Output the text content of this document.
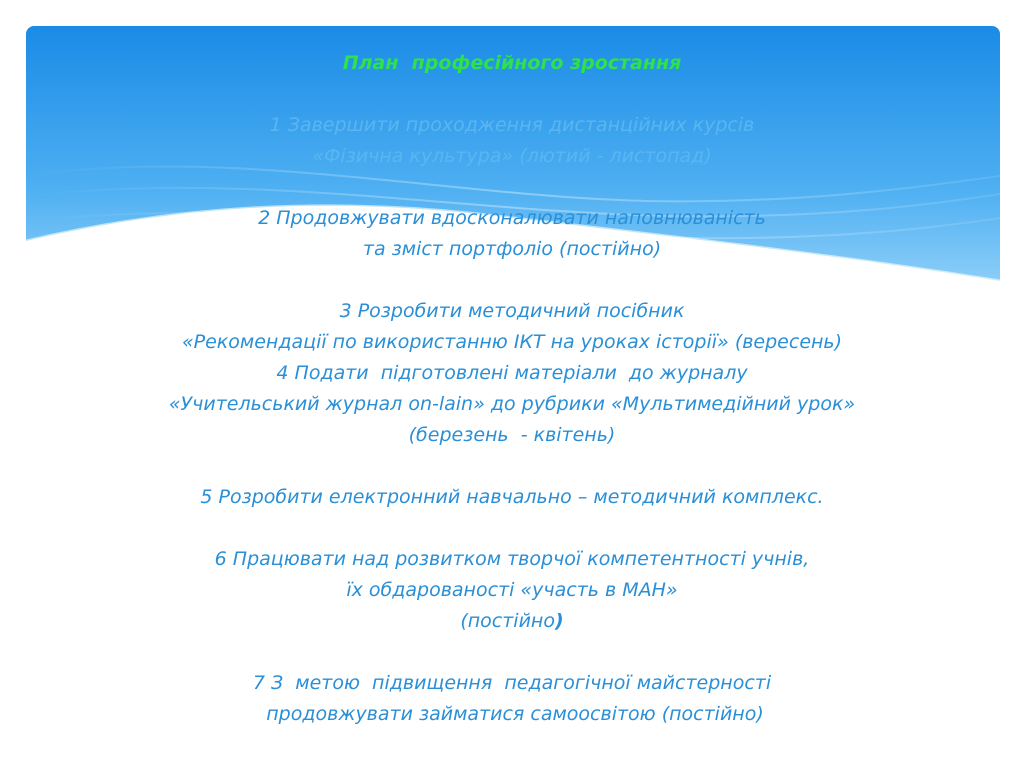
План  професійного зростання
1 Завершити проходження дистанційних курсів
«Фізична культура» (лютий - листопад)
2 Продовжувати вдосконалювати наповнюваність
та зміст портфоліо (постійно)
3 Розробити методичний посібник
«Рекомендації по використанню ІКТ на уроках історії» (вересень)
4 Подати  підготовлені матеріали  до журналу
«Учительський журнал on-lain» до рубрики «Мультимедійний урок»
(березень  - квітень)
5 Розробити електронний навчально – методичний комплекс.
6 Працювати над розвитком творчої компетентності учнів,
їх обдарованості «участь в МАН»
(постійно)
7 З  метою  підвищення  педагогічної майстерності
продовжувати займатися самоосвітою (постійно)
